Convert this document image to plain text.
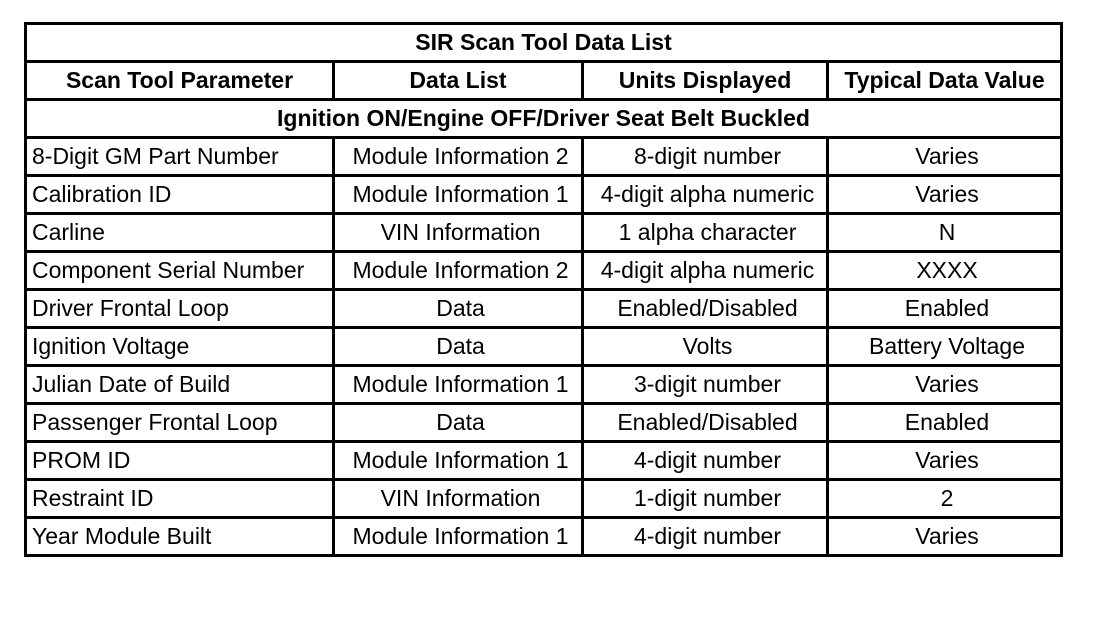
SIR Scan Tool Data List			
Scan Tool Parameter	Data List	Units Displayed	Typical Data Value
Ignition ON/Engine OFF/Driver Seat Belt Buckled			
8-Digit GM Part Number	Module Information 2	8-digit number	Varies
Calibration ID	Module Information 1	4-digit alpha numeric	Varies
Carline	VIN Information	1 alpha character	N
Component Serial Number	Module Information 2	4-digit alpha numeric	XXXX
Driver Frontal Loop	Data	Enabled/Disabled	Enabled
Ignition Voltage	Data	Volts	Battery Voltage
Julian Date of Build	Module Information 1	3-digit number	Varies
Passenger Frontal Loop	Data	Enabled/Disabled	Enabled
PROM ID	Module Information 1	4-digit number	Varies
Restraint ID	VIN Information	1-digit number	2
Year Module Built	Module Information 1	4-digit number	Varies
